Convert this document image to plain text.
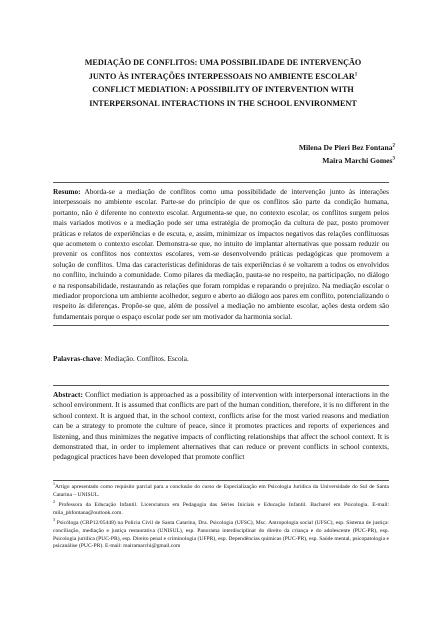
MEDIAÇÃO DE CONFLITOS: UMA POSSIBILIDADE DE INTERVENÇÃO
JUNTO ÀS INTERAÇÕES INTERPESSOAIS NO AMBIENTE ESCOLAR$^1$
CONFLICT MEDIATION: A POSSIBILITY OF INTERVENTION WITH
INTERPERSONAL INTERACTIONS IN THE SCHOOL ENVIRONMENT
Milena De Pieri Bez Fontana$^2$
Maira Marchi Gomes$^3$
Resumo: Aborda-se a mediação de conflitos como uma possibilidade de intervenção junto às interações interpessoais no ambiente escolar. Parte-se do princípio de que os conflitos são parte da condição humana, portanto, não é diferente no contexto escolar. Argumenta-se que, no contexto escolar, os conflitos surgem pelos mais variados motivos e a mediação pode ser uma estratégia de promoção da cultura de paz, posto promover práticas e relatos de experiências e de escuta, e, assim, minimizar os impactos negativos das relações conflituosas que acometem o contexto escolar. Demonstra-se que, no intuito de implantar alternativas que possam reduzir ou prevenir os conflitos nos contextos escolares, vem-se desenvolvendo práticas pedagógicas que promovem a solução de conflitos. Uma das características definidoras de tais experiências é se voltarem a todos os envolvidos no conflito, incluindo a comunidade. Como pilares da mediação, pauta-se no respeito, na participação, no diálogo e na responsabilidade, restaurando as relações que foram rompidas e reparando o prejuízo. Na mediação escolar o mediador proporciona um ambiente acolhedor, seguro e aberto ao diálogo aos pares em conflito, potencializando o respeito às diferenças. Propõe-se que, além de possível a mediação no ambiente escolar, ações desta ordem são fundamentais porque o espaço escolar pode ser um motivador da harmonia social.
Palavras-chave: Mediação. Conflitos. Escola.
Abstract: Conflict mediation is approached as a possibility of intervention with interpersonal interactions in the school environment. It is assumed that conflicts are part of the human condition, therefore, it is no different in the school context. It is argued that, in the school context, conflicts arise for the most varied reasons and mediation can be a strategy to promote the culture of peace, since it promotes practices and reports of experiences and listening, and thus minimizes the negative impacts of conflicting relationships that affect the school context. It is demonstrated that, in order to implement alternatives that can reduce or prevent conflicts in school contexts, pedagogical practices have been developed that promote conflict
$^1$Artigo apresentado como requisito parcial para a conclusão do curso de Especialização em Psicologia Jurídica da Universidade do Sul de Santa Catarina – UNISUL.
$^2$ Professora da Educação Infantil. Licenciatura em Pedagogia das Séries Iniciais e Educação Infantil. Bacharel em Psicologia. E-mail: mila_pbfontana@outlook.com.
$^3$ Psicóloga (CRP12/05448) na Polícia Civil de Santa Catarina, Dra. Psicologia (UFSC), Msc. Antropologia social (UFSC), esp. Sistema de justiça: conciliação, mediação e justiça restaurativa (UNISUL), esp. Panorama interdisciplinar do direito da criança e do adolescente (PUC-PR), esp. Psicologia jurídica (PUC-PR), esp. Direito penal e criminologia (UFPR), esp. Dependências químicas (PUC-PR), esp. Saúde mental, psicopatologia e psicanálise (PUC-PR). E-mail: mairamarchi@gmail.com
